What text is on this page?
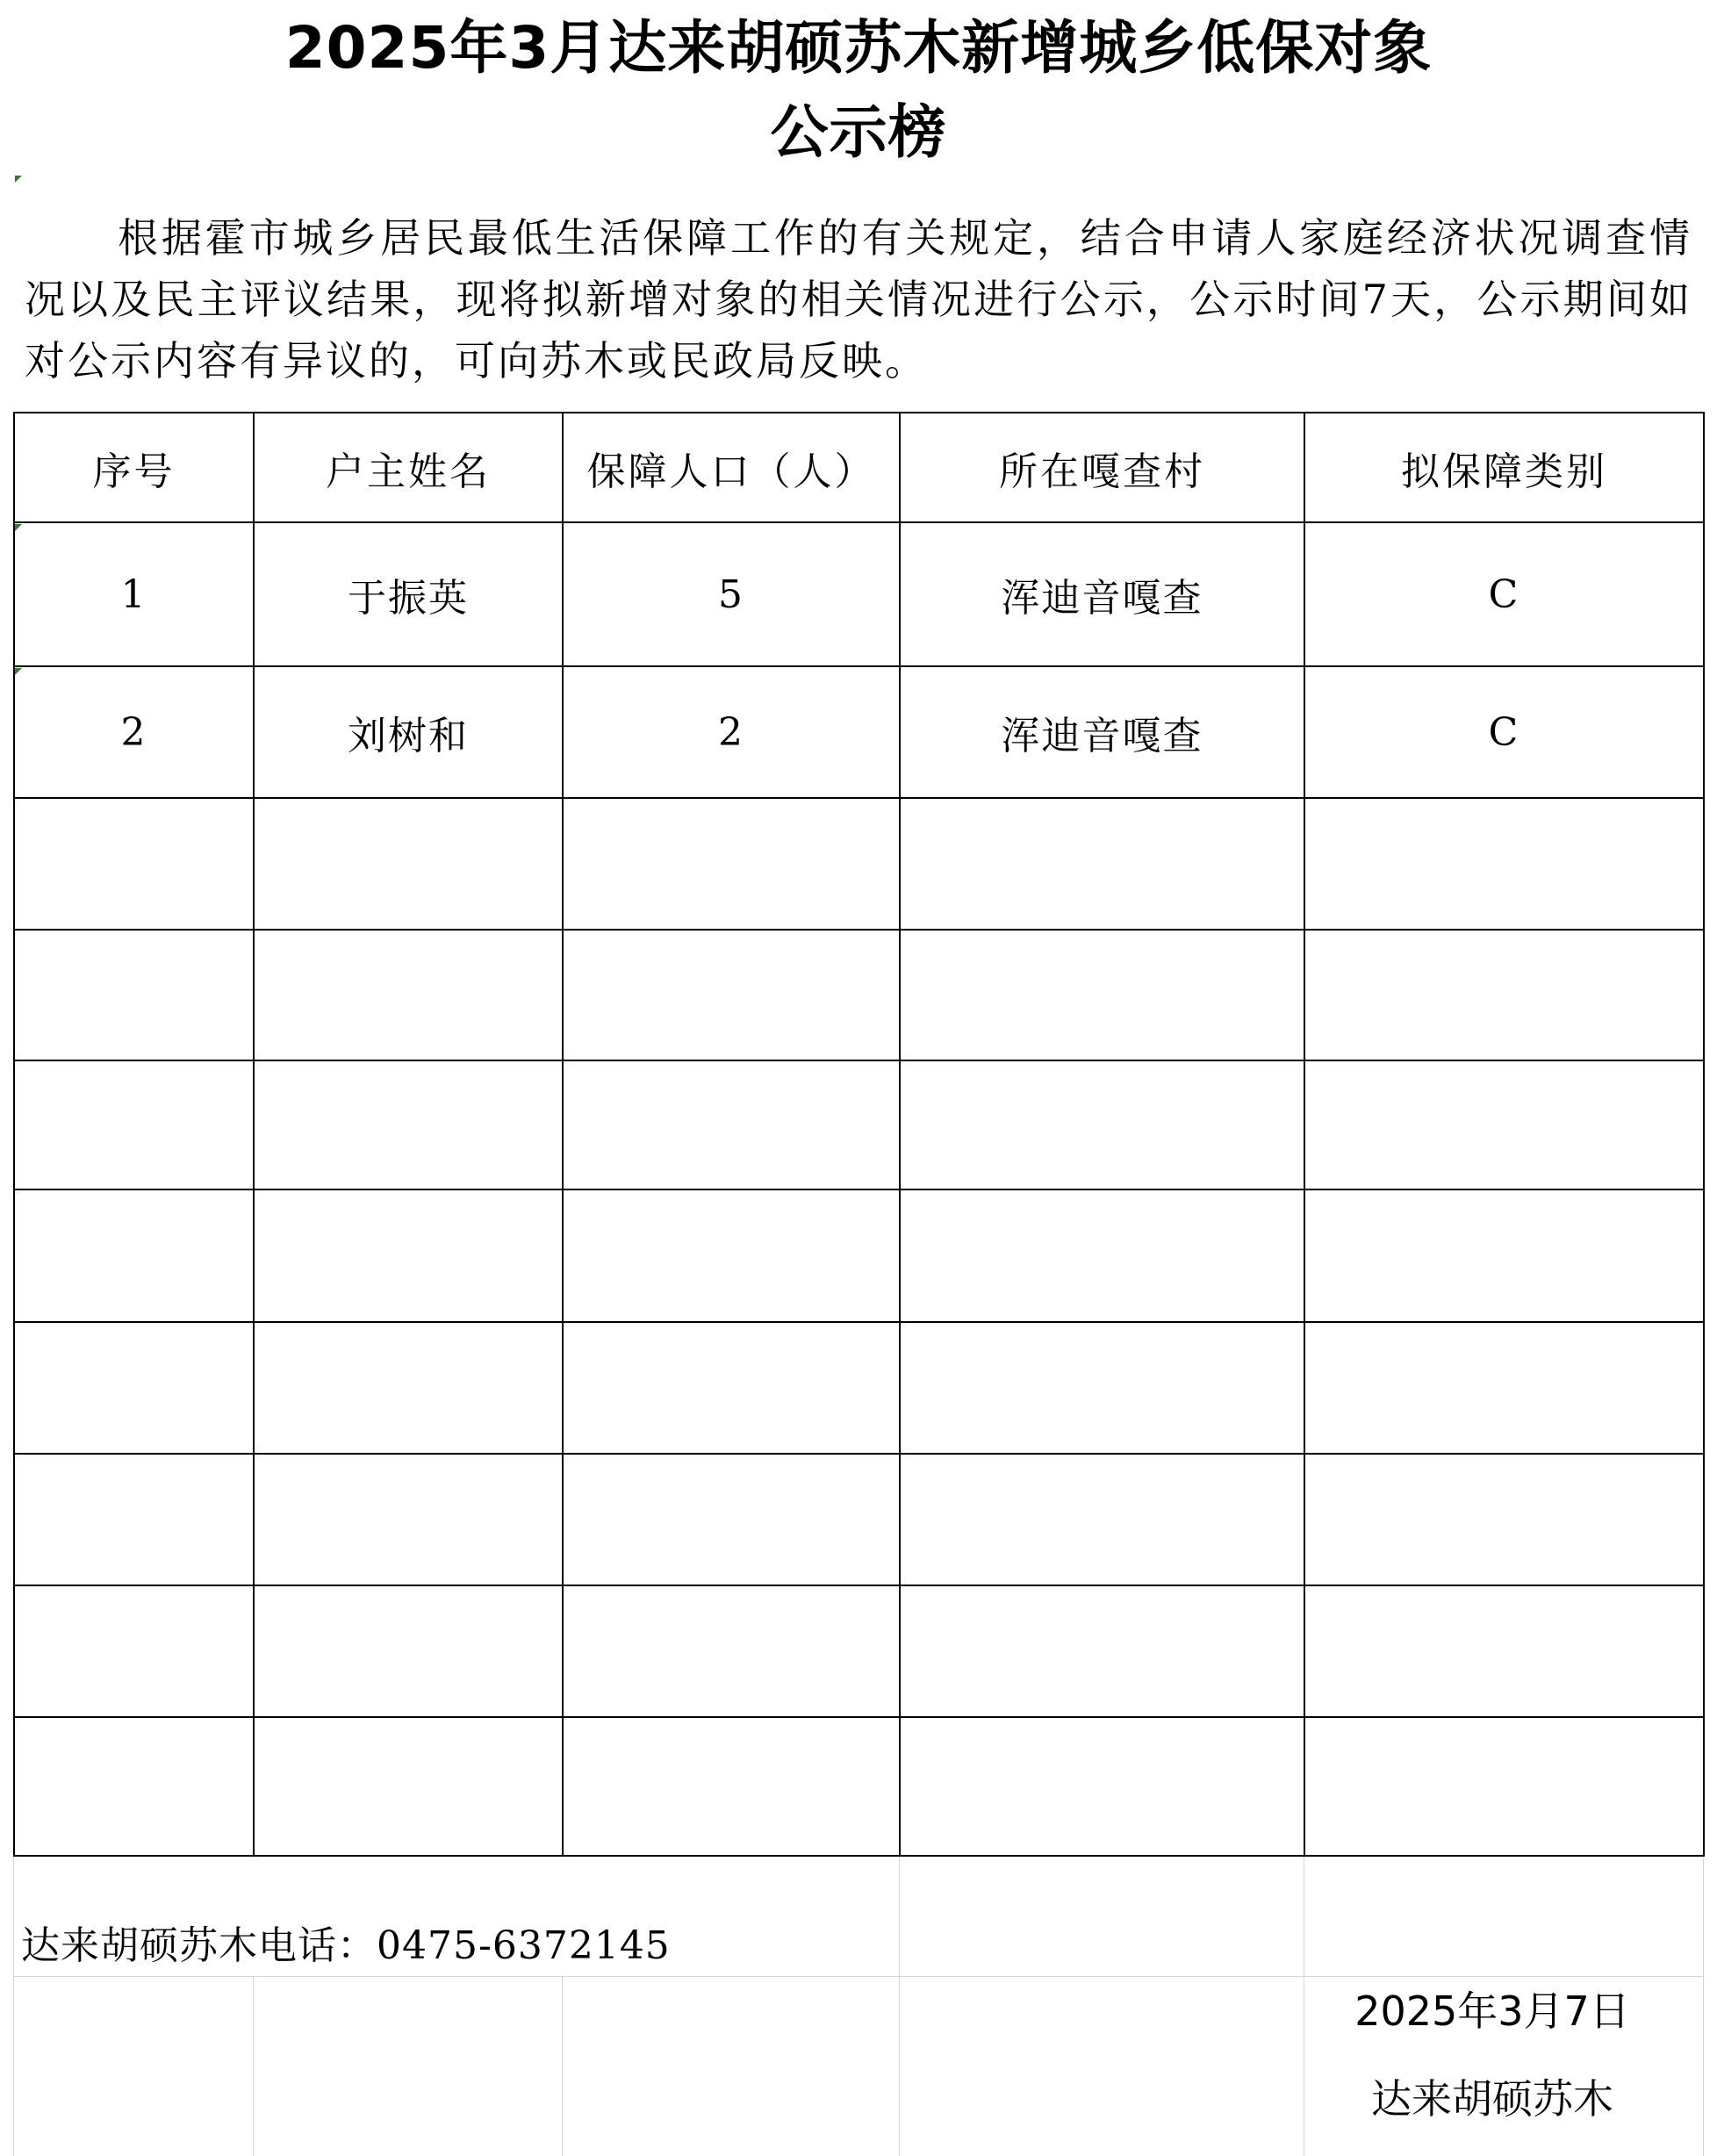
2025年3月达来胡硕苏木新增城乡低保对象
公示榜
根据霍市城乡居民最低生活保障工作的有关规定，结合申请人家庭经济状况调查情况以及民主评议结果，现将拟新增对象的相关情况进行公示，公示时间7天，公示期间如对公示内容有异议的，可向苏木或民政局反映。
序号	户主姓名	保障人口（人）	所在嘎查村	拟保障类别
1	于振英	5	浑迪音嘎查	C
2	刘树和	2	浑迪音嘎查	C
达来胡硕苏木电话：0475-6372145
2025年3月7日
达来胡硕苏木
